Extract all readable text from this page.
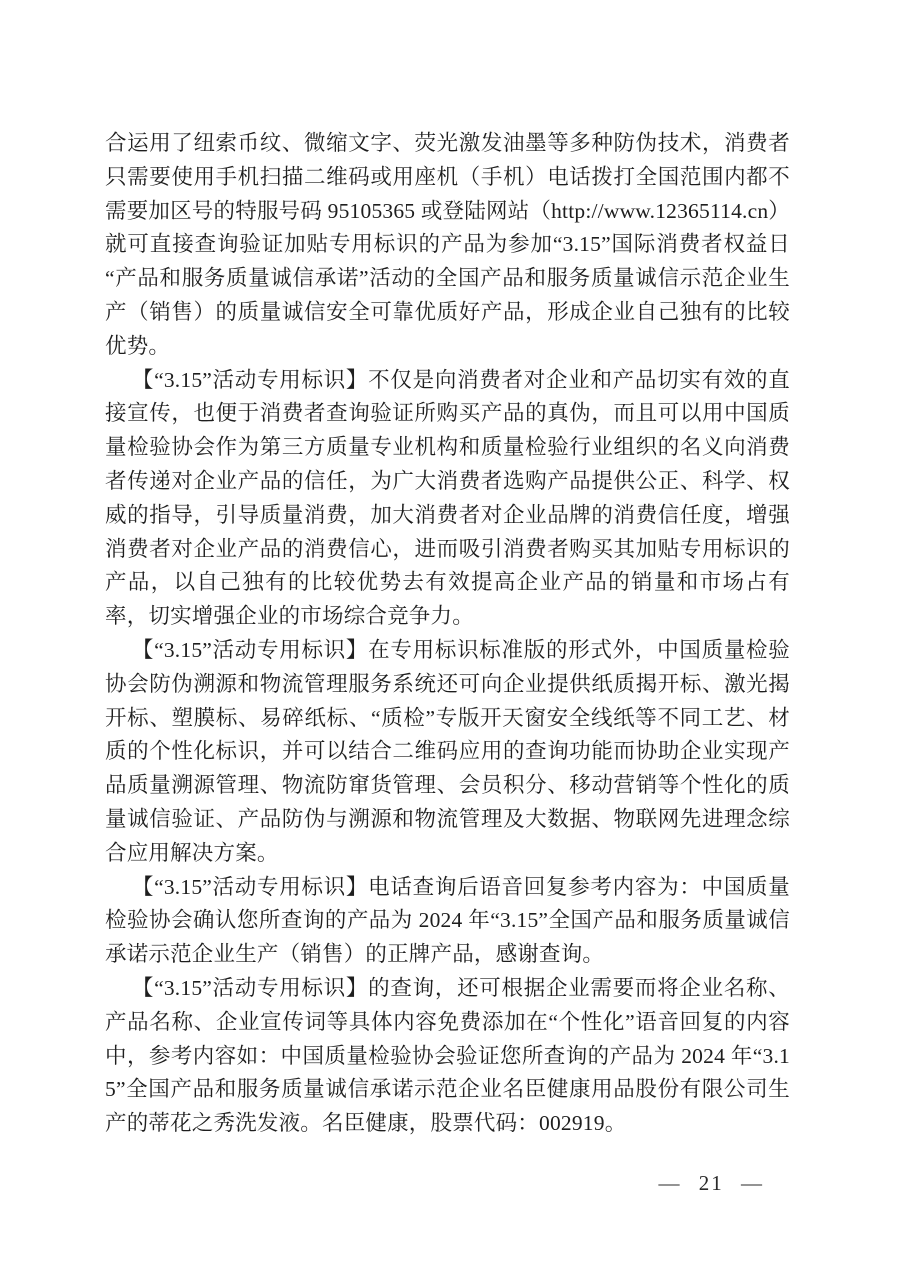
合运用了纽索币纹、微缩文字、荧光激发油墨等多种防伪技术，消费者只需要使用手机扫描二维码或用座机（手机）电话拨打全国范围内都不需要加区号的特服号码 95105365 或登陆网站（http://www.12365114.cn）就可直接查询验证加贴专用标识的产品为参加“3.15”国际消费者权益日“产品和服务质量诚信承诺”活动的全国产品和服务质量诚信示范企业生产（销售）的质量诚信安全可靠优质好产品，形成企业自己独有的比较优势。

【“3.15”活动专用标识】不仅是向消费者对企业和产品切实有效的直接宣传，也便于消费者查询验证所购买产品的真伪，而且可以用中国质量检验协会作为第三方质量专业机构和质量检验行业组织的名义向消费者传递对企业产品的信任，为广大消费者选购产品提供公正、科学、权威的指导，引导质量消费，加大消费者对企业品牌的消费信任度，增强消费者对企业产品的消费信心，进而吸引消费者购买其加贴专用标识的产品，以自己独有的比较优势去有效提高企业产品的销量和市场占有率，切实增强企业的市场综合竞争力。

【“3.15”活动专用标识】在专用标识标准版的形式外，中国质量检验协会防伪溯源和物流管理服务系统还可向企业提供纸质揭开标、激光揭开标、塑膜标、易碎纸标、“质检”专版开天窗安全线纸等不同工艺、材质的个性化标识，并可以结合二维码应用的查询功能而协助企业实现产品质量溯源管理、物流防窜货管理、会员积分、移动营销等个性化的质量诚信验证、产品防伪与溯源和物流管理及大数据、物联网先进理念综合应用解决方案。

【“3.15”活动专用标识】电话查询后语音回复参考内容为：中国质量检验协会确认您所查询的产品为 2024 年“3.15”全国产品和服务质量诚信承诺示范企业生产（销售）的正牌产品，感谢查询。

【“3.15”活动专用标识】的查询，还可根据企业需要而将企业名称、产品名称、企业宣传词等具体内容免费添加在“个性化”语音回复的内容中，参考内容如：中国质量检验协会验证您所查询的产品为 2024 年“3.15”全国产品和服务质量诚信承诺示范企业名臣健康用品股份有限公司生产的蒂花之秀洗发液。名臣健康，股票代码：002919。

— 21 —
